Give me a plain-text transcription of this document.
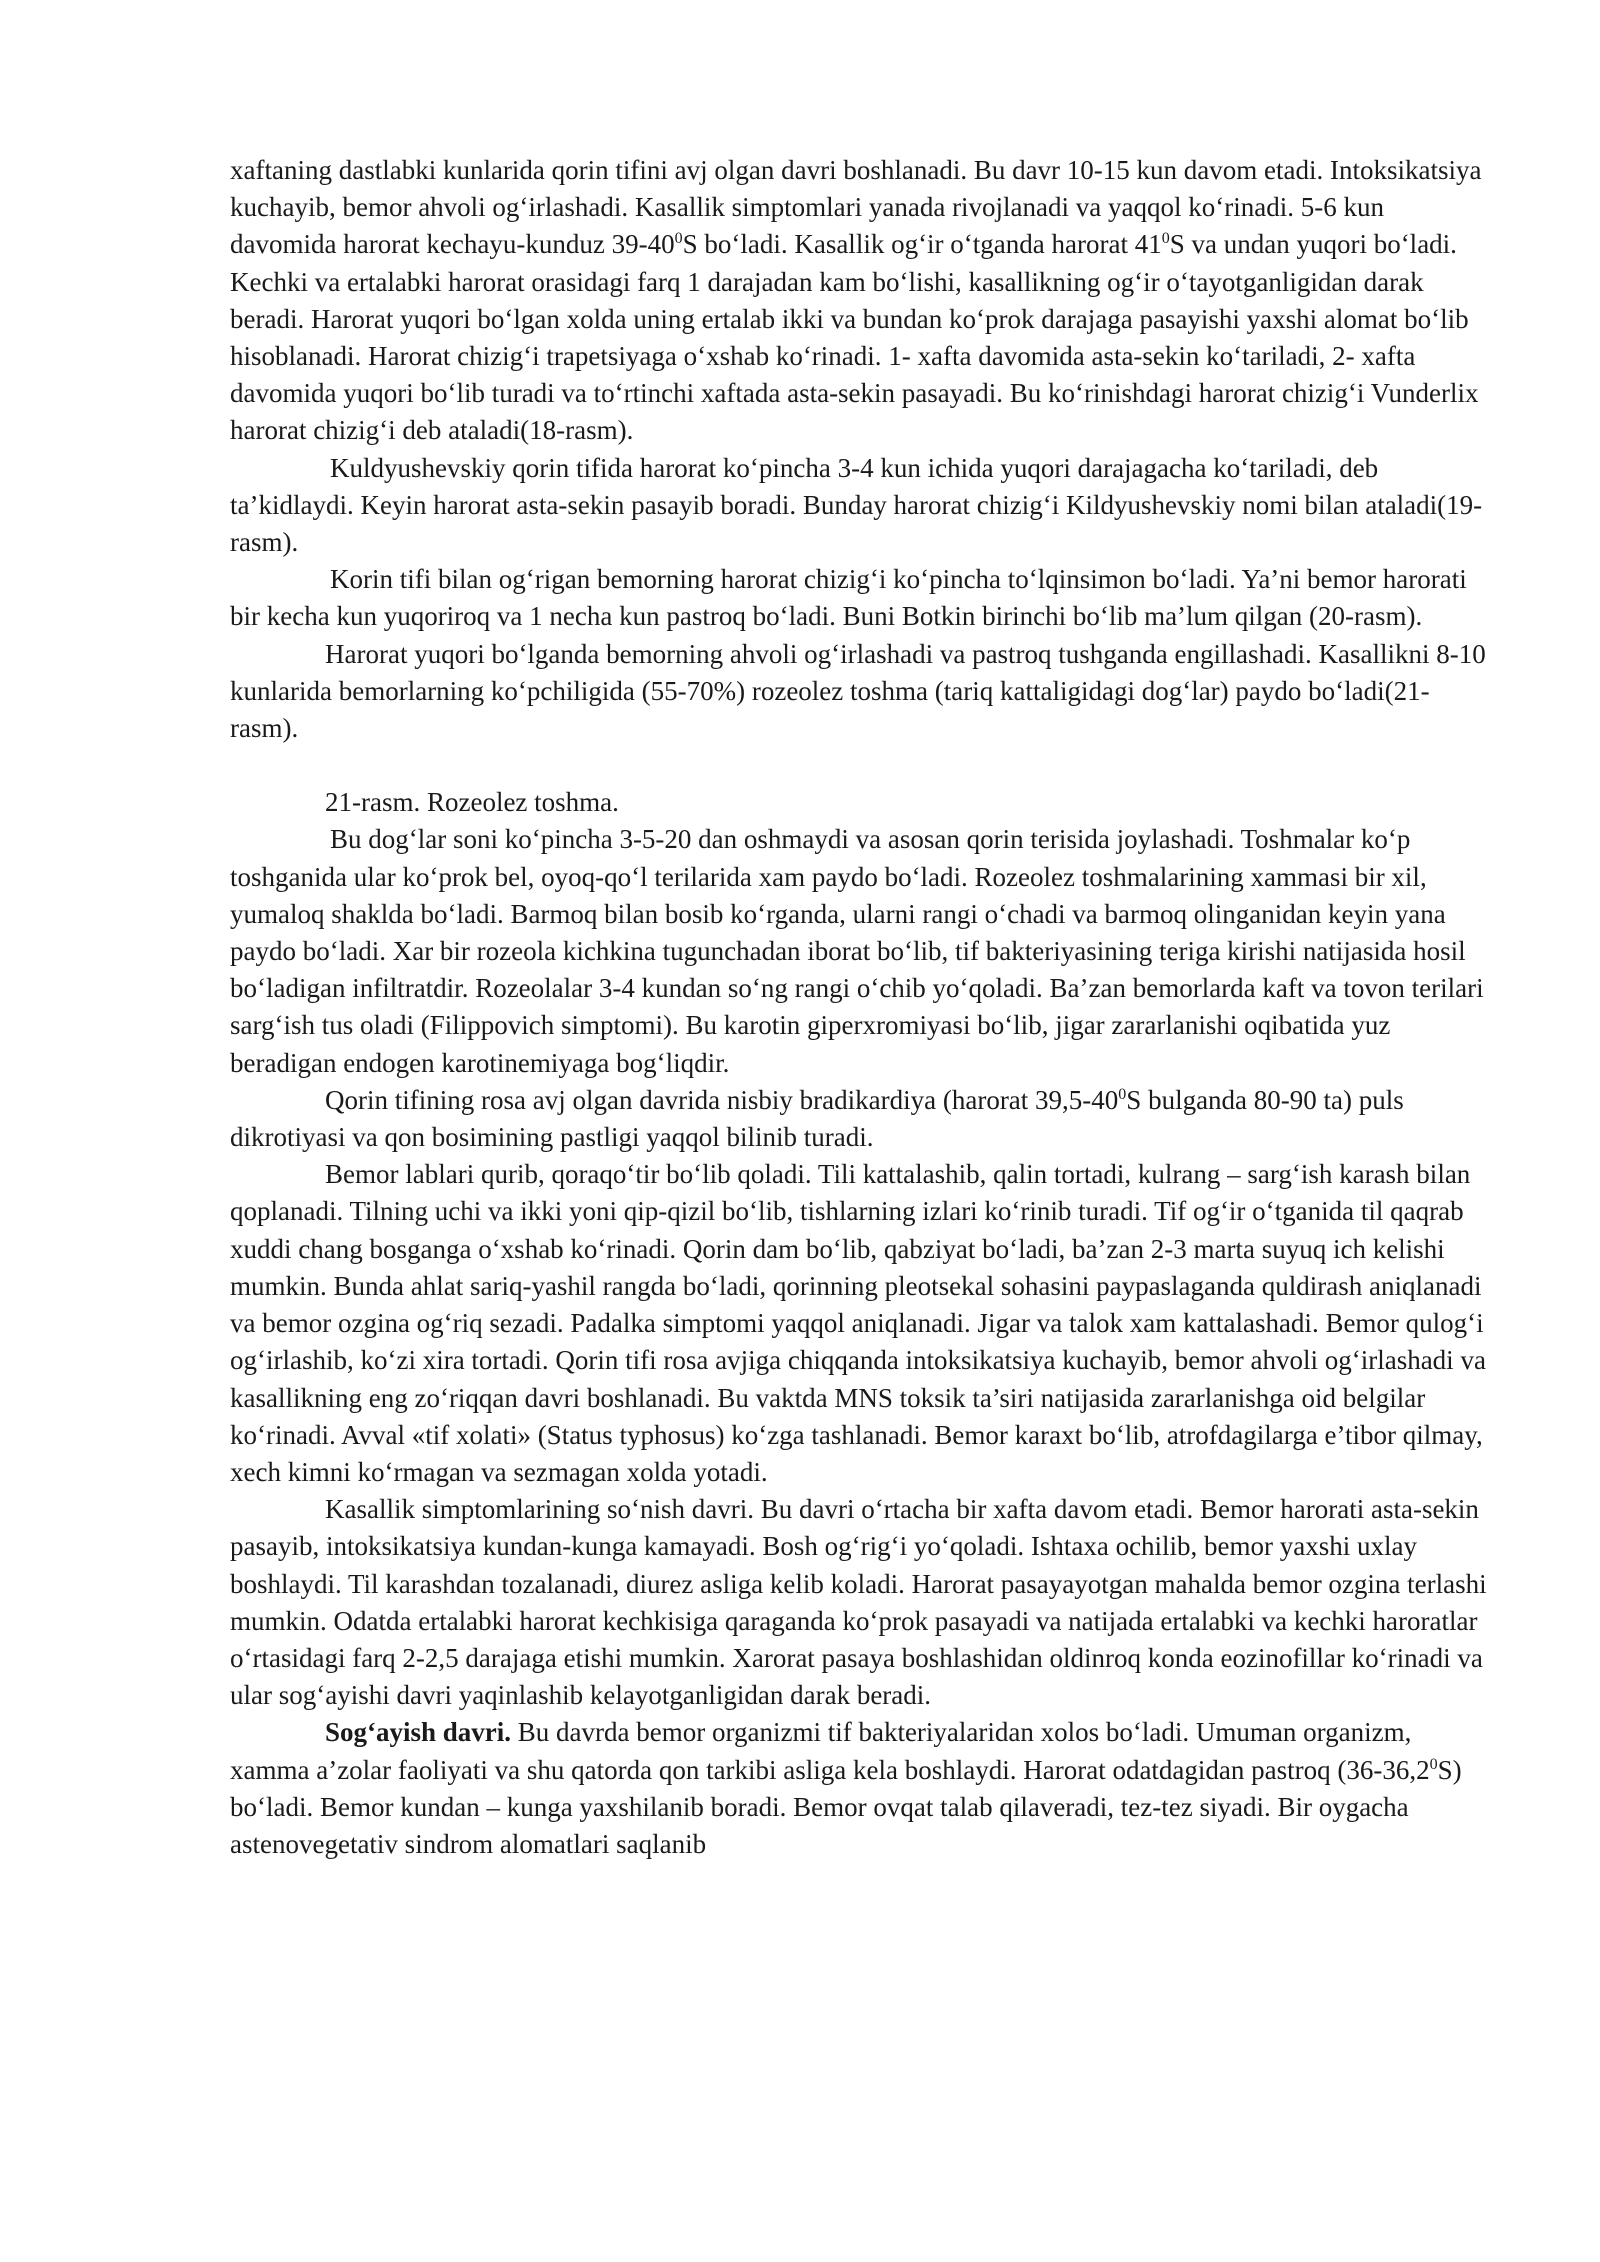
xaftaning dastlabki kunlarida qorin tifini avj olgan davri boshlanadi. Bu davr 10-15 kun davom etadi. Intoksikatsiya kuchayib, bemor ahvoli og‘irlashadi. Kasallik simptomlari yanada rivojlanadi va yaqqol ko‘rinadi. 5-6 kun davomida harorat kechayu-kunduz $39-40^0S$ bo‘ladi. Kasallik og‘ir o‘tganda harorat $41^0S$ va undan yuqori bo‘ladi. Kechki va ertalabki harorat orasidagi farq 1 darajadan kam bo‘lishi, kasallikning og‘ir o‘tayotganligidan darak beradi. Harorat yuqori bo‘lgan xolda uning ertalab ikki va bundan ko‘prok darajaga pasayishi yaxshi alomat bo‘lib hisoblanadi. Harorat chizig‘i trapetsiyaga o‘xshab ko‘rinadi. 1- xafta davomida asta-sekin ko‘tariladi, 2- xafta davomida yuqori bo‘lib turadi va to‘rtinchi xaftada asta-sekin pasayadi. Bu ko‘rinishdagi harorat chizig‘i Vunderlix harorat chizig‘i deb ataladi(18-rasm).

Kuldyushevskiy qorin tifida harorat ko‘pincha 3-4 kun ichida yuqori darajagacha ko‘tariladi, deb ta’kidlaydi. Keyin harorat asta-sekin pasayib boradi. Bunday harorat chizig‘i Kildyushevskiy nomi bilan ataladi(19-rasm).

Korin tifi bilan og‘rigan bemorning harorat chizig‘i ko‘pincha to‘lqinsimon bo‘ladi. Ya’ni bemor harorati bir kecha kun yuqoriroq va 1 necha kun pastroq bo‘ladi. Buni Botkin birinchi bo‘lib ma’lum qilgan (20-rasm).

Harorat yuqori bo‘lganda bemorning ahvoli og‘irlashadi va pastroq tushganda engillashadi. Kasallikni 8-10 kunlarida bemorlarning ko‘pchiligida (55-70%) rozeolez toshma (tariq kattaligidagi dog‘lar) paydo bo‘ladi(21-rasm).

21-rasm. Rozeolez toshma.

Bu dog‘lar soni ko‘pincha 3-5-20 dan oshmaydi va asosan qorin terisida joylashadi. Toshmalar ko‘p toshganida ular ko‘prok bel, oyoq-qo‘l terilarida xam paydo bo‘ladi. Rozeolez toshmalarining xammasi bir xil, yumaloq shaklda bo‘ladi. Barmoq bilan bosib ko‘rganda, ularni rangi o‘chadi va barmoq olinganidan keyin yana paydo bo‘ladi. Xar bir rozeola kichkina tugunchadan iborat bo‘lib, tif bakteriyasining teriga kirishi natijasida hosil bo‘ladigan infiltratdir. Rozeolalar 3-4 kundan so‘ng rangi o‘chib yo‘qoladi. Ba’zan bemorlarda kaft va tovon terilari sarg‘ish tus oladi (Filippovich simptomi). Bu karotin giperxromiyasi bo‘lib, jigar zararlanishi oqibatida yuz beradigan endogen karotinemiyaga bog‘liqdir.

Qorin tifining rosa avj olgan davrida nisbiy bradikardiya (harorat $39,5-40^0S$ bulganda 80-90 ta) puls dikrotiyasi va qon bosimining pastligi yaqqol bilinib turadi.

Bemor lablari qurib, qoraqo‘tir bo‘lib qoladi. Tili kattalashib, qalin tortadi, kulrang – sarg‘ish karash bilan qoplanadi. Tilning uchi va ikki yoni qip-qizil bo‘lib, tishlarning izlari ko‘rinib turadi. Tif og‘ir o‘tganida til qaqrab xuddi chang bosganga o‘xshab ko‘rinadi. Qorin dam bo‘lib, qabziyat bo‘ladi, ba’zan 2-3 marta suyuq ich kelishi mumkin. Bunda ahlat sariq-yashil rangda bo‘ladi, qorinning pleotsekal sohasini paypaslaganda quldirash aniqlanadi va bemor ozgina og‘riq sezadi. Padalka simptomi yaqqol aniqlanadi. Jigar va talok xam kattalashadi. Bemor qulog‘i og‘irlashib, ko‘zi xira tortadi. Qorin tifi rosa avjiga chiqqanda intoksikatsiya kuchayib, bemor ahvoli og‘irlashadi va kasallikning eng zo‘riqqan davri boshlanadi. Bu vaktda MNS toksik ta’siri natijasida zararlanishga oid belgilar ko‘rinadi. Avval «tif xolati» (Status typhosus) ko‘zga tashlanadi. Bemor karaxt bo‘lib, atrofdagilarga e’tibor qilmay, xech kimni ko‘rmagan va sezmagan xolda yotadi.

Kasallik simptomlarining so‘nish davri. Bu davri o‘rtacha bir xafta davom etadi. Bemor harorati asta-sekin pasayib, intoksikatsiya kundan-kunga kamayadi. Bosh og‘rig‘i yo‘qoladi. Ishtaxa ochilib, bemor yaxshi uxlay boshlaydi. Til karashdan tozalanadi, diurez asliga kelib koladi. Harorat pasayayotgan mahalda bemor ozgina terlashi mumkin. Odatda ertalabki harorat kechkisiga qaraganda ko‘prok pasayadi va natijada ertalabki va kechki haroratlar o‘rtasidagi farq 2-2,5 darajaga etishi mumkin. Xarorat pasaya boshlashidan oldinroq konda eozinofillar ko‘rinadi va ular sog‘ayishi davri yaqinlashib kelayotganligidan darak beradi.

Sog‘ayish davri. Bu davrda bemor organizmi tif bakteriyalaridan xolos bo‘ladi. Umuman organizm, xamma a’zolar faoliyati va shu qatorda qon tarkibi asliga kela boshlaydi. Harorat odatdagidan pastroq (36-36,2$^0$S) bo‘ladi. Bemor kundan – kunga yaxshilanib boradi. Bemor ovqat talab qilaveradi, tez-tez siyadi. Bir oygacha astenovegetativ sindrom alomatlari saqlanib
